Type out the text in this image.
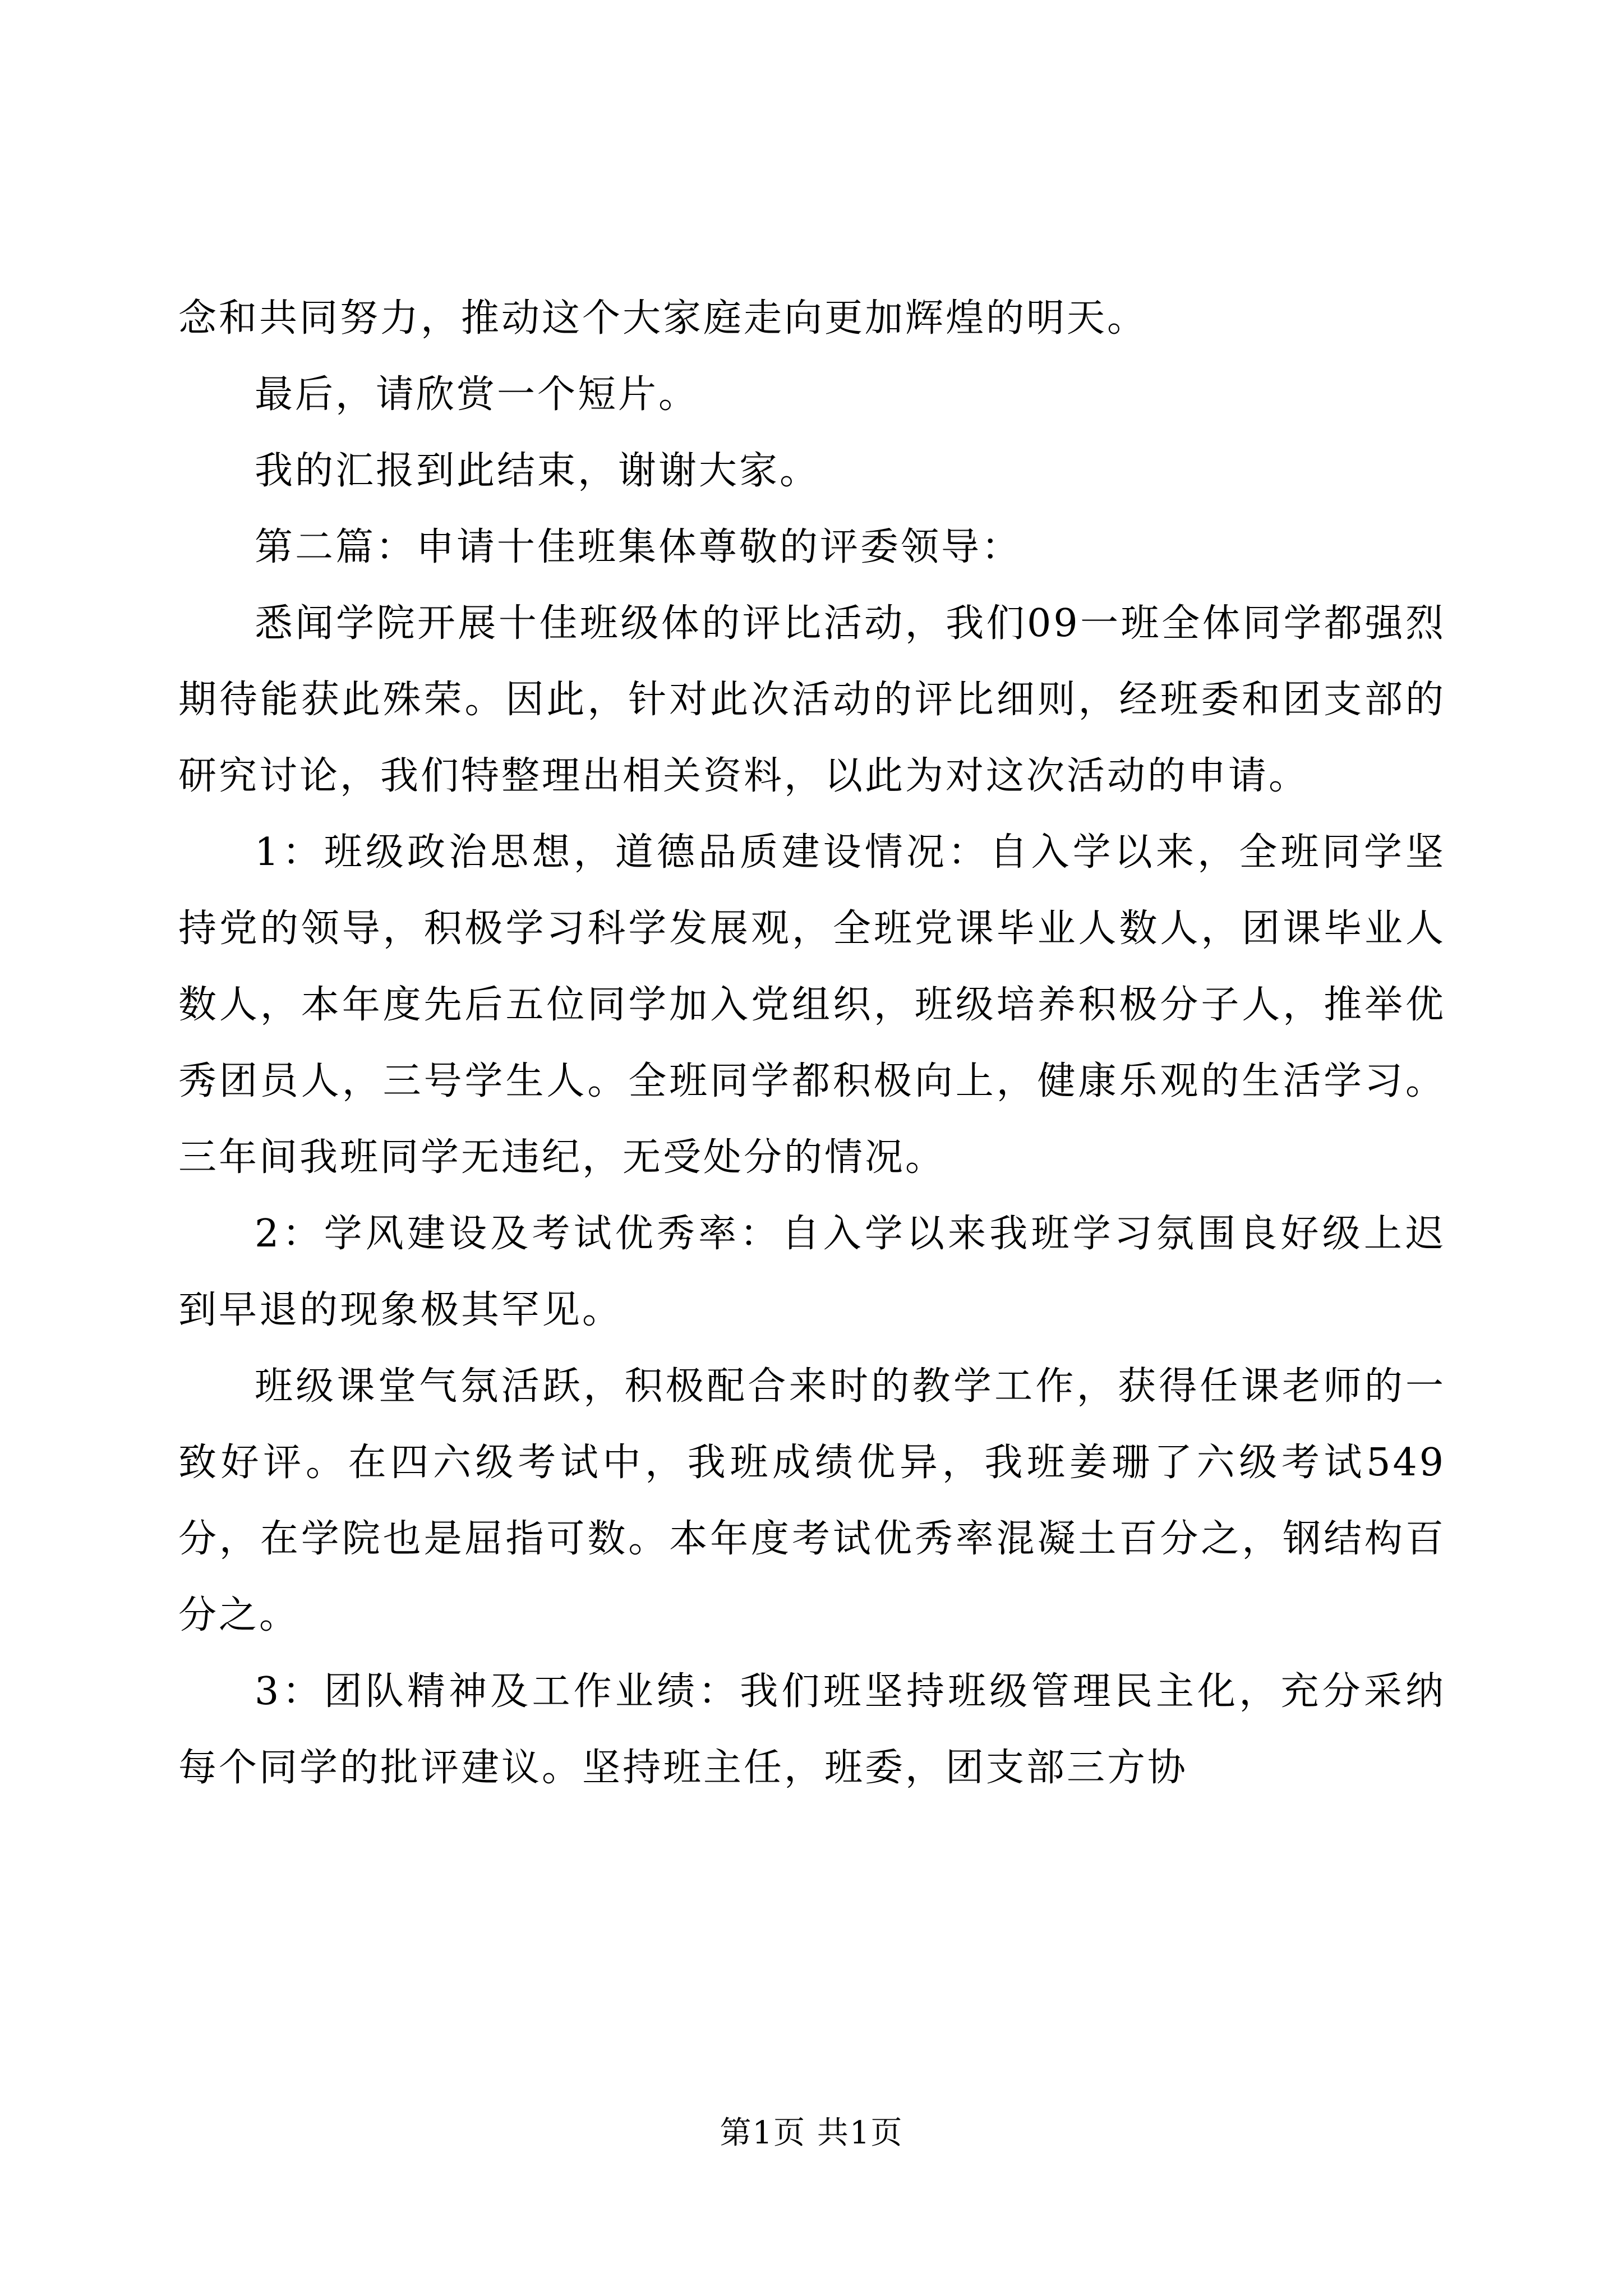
念和共同努力，推动这个大家庭走向更加辉煌的明天。

最后，请欣赏一个短片。

我的汇报到此结束，谢谢大家。

第二篇：申请十佳班集体尊敬的评委领导：

悉闻学院开展十佳班级体的评比活动，我们09一班全体同学都强烈期待能获此殊荣。因此，针对此次活动的评比细则，经班委和团支部的研究讨论，我们特整理出相关资料，以此为对这次活动的申请。

1：班级政治思想，道德品质建设情况：自入学以来，全班同学坚持党的领导，积极学习科学发展观，全班党课毕业人数人，团课毕业人数人，本年度先后五位同学加入党组织，班级培养积极分子人，推举优秀团员人，三号学生人。全班同学都积极向上，健康乐观的生活学习。三年间我班同学无违纪，无受处分的情况。

2：学风建设及考试优秀率：自入学以来我班学习氛围良好级上迟到早退的现象极其罕见。

班级课堂气氛活跃，积极配合来时的教学工作，获得任课老师的一致好评。在四六级考试中，我班成绩优异，我班姜珊了六级考试549分，在学院也是屈指可数。本年度考试优秀率混凝土百分之，钢结构百分之。

3：团队精神及工作业绩：我们班坚持班级管理民主化，充分采纳每个同学的批评建议。坚持班主任，班委，团支部三方协

第1页 共1页
